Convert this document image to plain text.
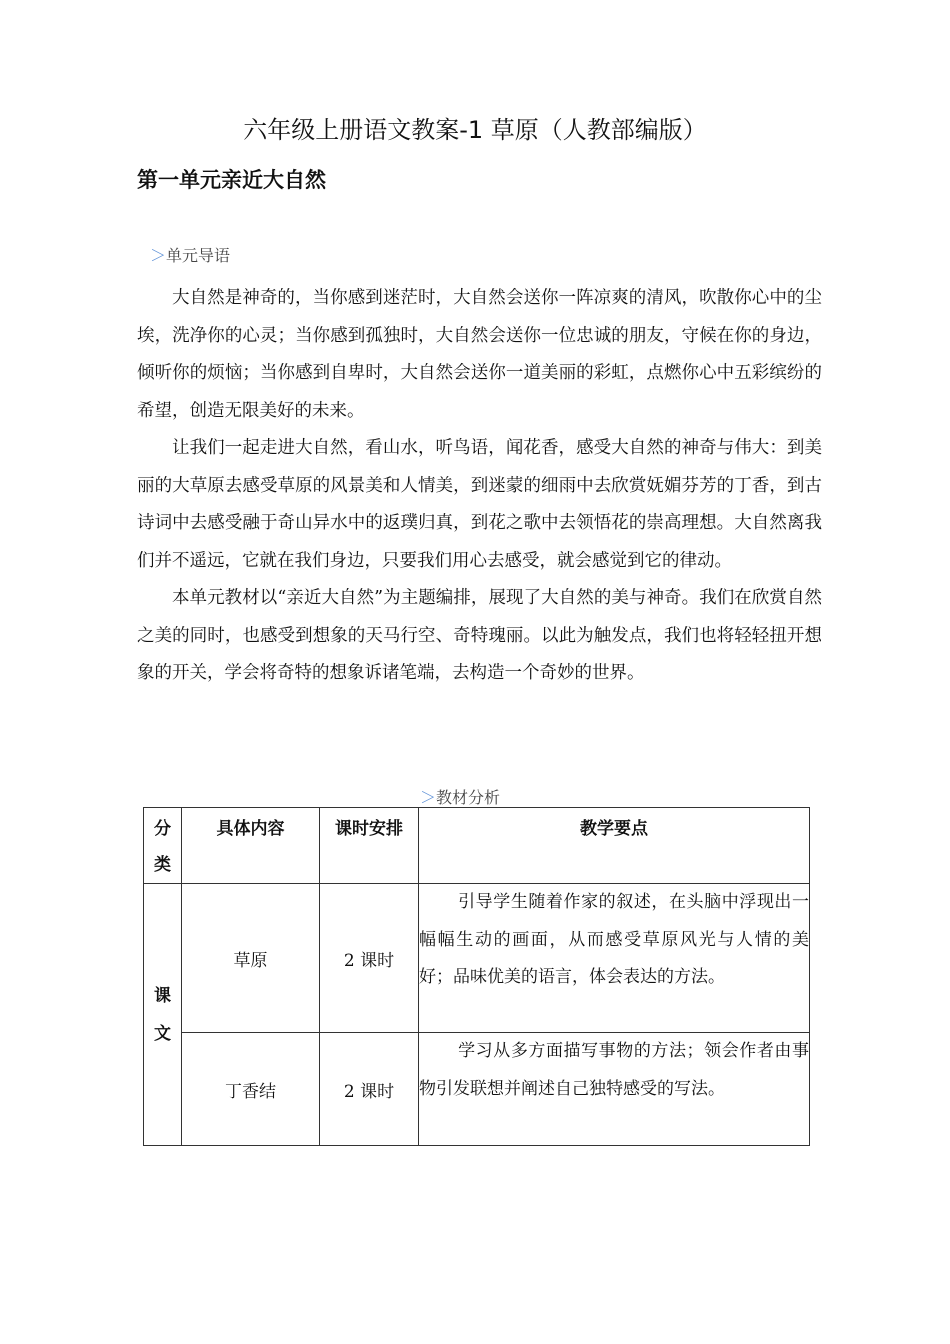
六年级上册语文教案-1 草原（人教部编版）
第一单元亲近大自然
＞单元导语

大自然是神奇的，当你感到迷茫时，大自然会送你一阵凉爽的清风，吹散你心中的尘埃，洗净你的心灵；当你感到孤独时，大自然会送你一位忠诚的朋友，守候在你的身边，倾听你的烦恼；当你感到自卑时，大自然会送你一道美丽的彩虹，点燃你心中五彩缤纷的希望，创造无限美好的未来。

让我们一起走进大自然，看山水，听鸟语，闻花香，感受大自然的神奇与伟大：到美丽的大草原去感受草原的风景美和人情美，到迷蒙的细雨中去欣赏妩媚芬芳的丁香，到古诗词中去感受融于奇山异水中的返璞归真，到花之歌中去领悟花的崇高理想。大自然离我们并不遥远，它就在我们身边，只要我们用心去感受，就会感觉到它的律动。

本单元教材以“亲近大自然”为主题编排，展现了大自然的美与神奇。我们在欣赏自然之美的同时，也感受到想象的天马行空、奇特瑰丽。以此为触发点，我们也将轻轻扭开想象的开关，学会将奇特的想象诉诸笔端，去构造一个奇妙的世界。

＞教材分析
分
类	具体内容	课时安排	教学要点

课
文	草原	2 课时	引导学生随着作家的叙述，在头脑中浮现出一幅幅生动的画面，从而感受草原风光与人情的美好；品味优美的语言，体会表达的方法。
	丁香结	2 课时	学习从多方面描写事物的方法；领会作者由事物引发联想并阐述自己独特感受的写法。
